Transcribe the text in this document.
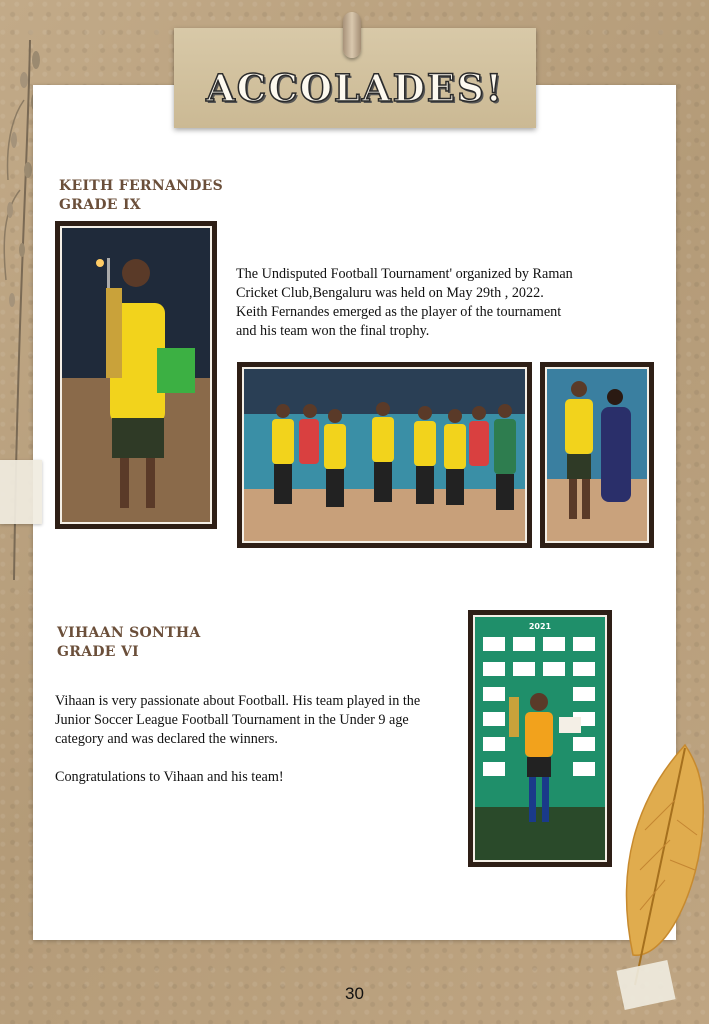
ACCOLADES!
KEITH FERNANDES
GRADE IX
The Undisputed Football Tournament' organized by Raman
Cricket Club,Bengaluru was held on May 29th , 2022.
Keith Fernandes emerged as the player of the tournament
and his team won the final trophy.
VIHAAN SONTHA
GRADE VI
Vihaan is very passionate about Football. His team played in the
Junior Soccer League Football Tournament in the Under 9 age
category and was declared the winners.
Congratulations to Vihaan and his team!
2021
30
